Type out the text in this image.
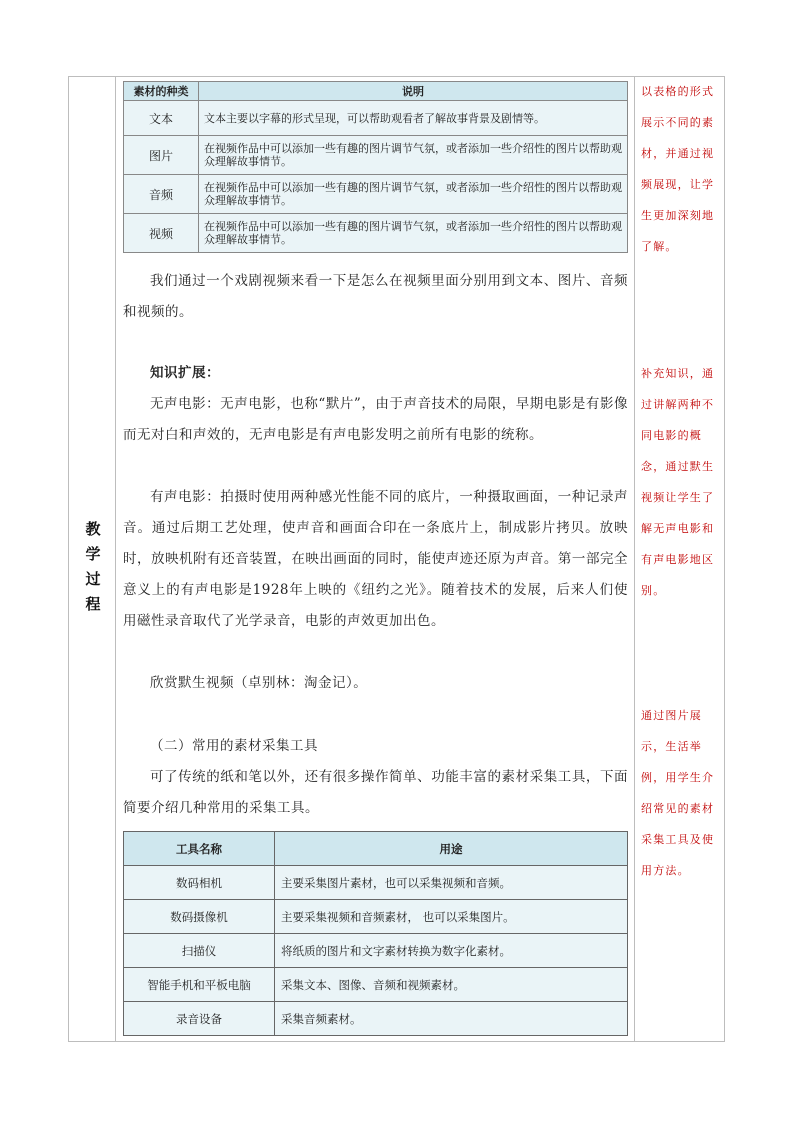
教
学
过
程
素材的种类	说明
文本	文本主要以字幕的形式呈现，可以帮助观看者了解故事背景及剧情等。
图片	在视频作品中可以添加一些有趣的图片调节气氛，或者添加一些介绍性的图片以帮助观众理解故事情节。
音频	在视频作品中可以添加一些有趣的图片调节气氛，或者添加一些介绍性的图片以帮助观众理解故事情节。
视频	在视频作品中可以添加一些有趣的图片调节气氛，或者添加一些介绍性的图片以帮助观众理解故事情节。
我们通过一个戏剧视频来看一下是怎么在视频里面分别用到文本、图片、音频和视频的。
知识扩展：
无声电影：无声电影，也称“默片”，由于声音技术的局限，早期电影是有影像而无对白和声效的，无声电影是有声电影发明之前所有电影的统称。
有声电影：拍摄时使用两种感光性能不同的底片，一种摄取画面，一种记录声音。通过后期工艺处理，使声音和画面合印在一条底片上，制成影片拷贝。放映时，放映机附有还音装置，在映出画面的同时，能使声迹还原为声音。第一部完全意义上的有声电影是1928年上映的《纽约之光》。随着技术的发展，后来人们使用磁性录音取代了光学录音，电影的声效更加出色。
欣赏默生视频（卓别林：淘金记）。
（二）常用的素材采集工具
可了传统的纸和笔以外，还有很多操作简单、功能丰富的素材采集工具，下面简要介绍几种常用的采集工具。
工具名称	用途
数码相机	主要采集图片素材，也可以采集视频和音频。
数码摄像机	主要采集视频和音频素材， 也可以采集图片。
扫描仪	将纸质的图片和文字素材转换为数字化素材。
智能手机和平板电脑	采集文本、图像、音频和视频素材。
录音设备	采集音频素材。
以表格的形式展示不同的素材，并通过视频展现，让学生更加深刻地了解。
补充知识，通过讲解两种不同电影的概念，通过默生视频让学生了解无声电影和有声电影地区别。
通过图片展示，生活举例，用学生介绍常见的素材采集工具及使用方法。
